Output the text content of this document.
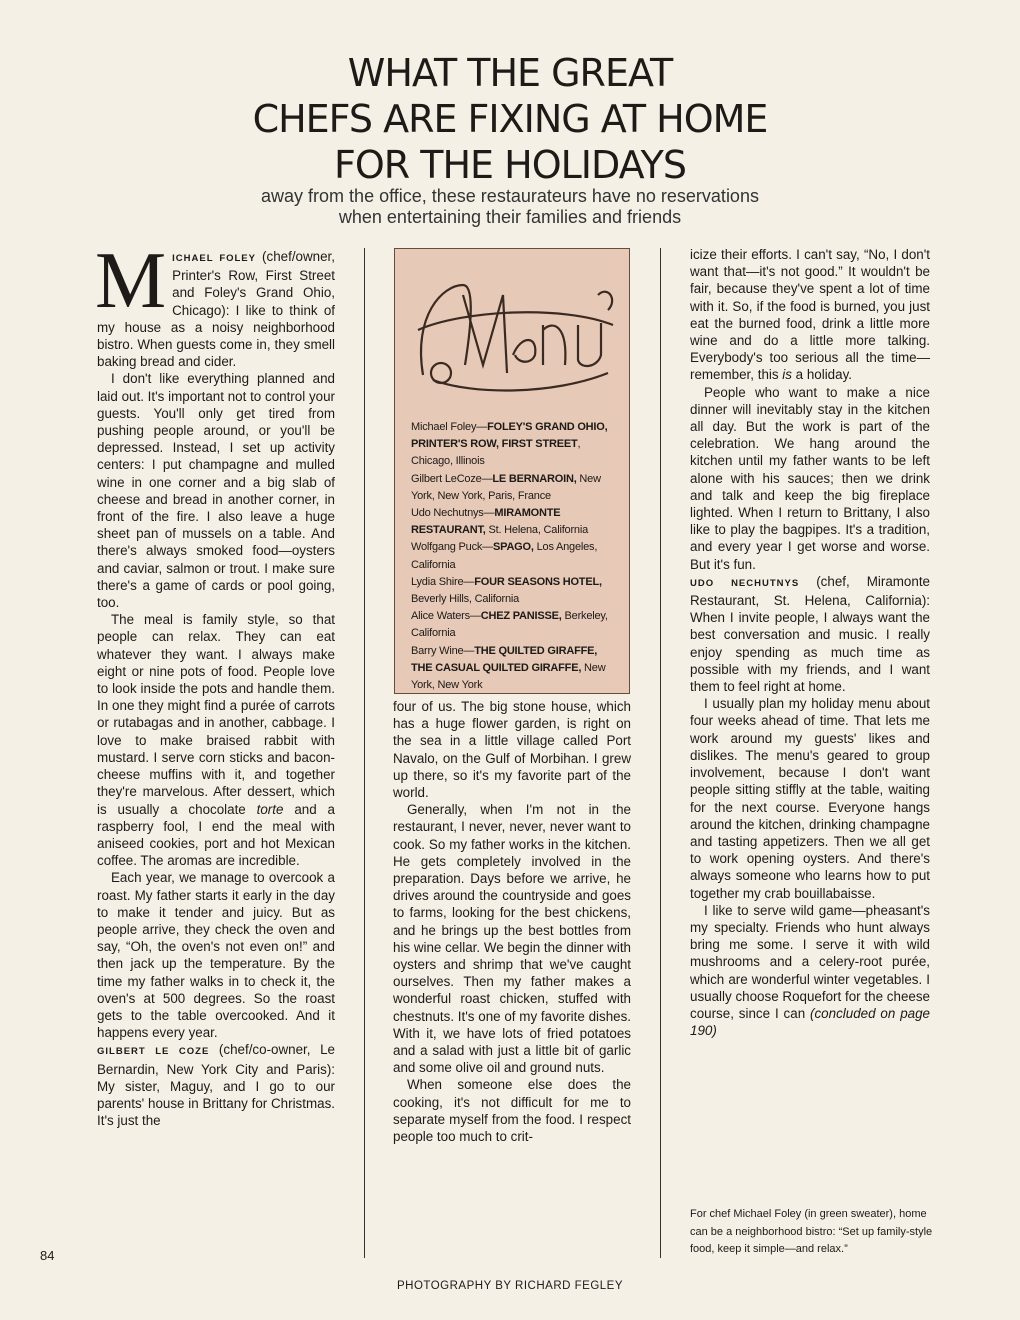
WHAT THE GREAT
CHEFS ARE FIXING AT HOME
FOR THE HOLIDAYS
away from the office, these restaurateurs have no reservations
when entertaining their families and friends

MICHAEL FOLEY (chef/owner, Printer's Row, First Street and Foley's Grand Ohio, Chicago): I like to think of my house as a noisy neighborhood bistro. When guests come in, they smell baking bread and cider.

I don't like everything planned and laid out. It's important not to control your guests. You'll only get tired from pushing people around, or you'll be depressed. Instead, I set up activity centers: I put champagne and mulled wine in one corner and a big slab of cheese and bread in another corner, in front of the fire. I also leave a huge sheet pan of mussels on a table. And there's always smoked food—oysters and caviar, salmon or trout. I make sure there's a game of cards or pool going, too.

The meal is family style, so that people can relax. They can eat whatever they want. I always make eight or nine pots of food. People love to look inside the pots and handle them. In one they might find a purée of carrots or rutabagas and in another, cabbage. I love to make braised rabbit with mustard. I serve corn sticks and bacon-cheese muffins with it, and together they're marvelous. After dessert, which is usually a chocolate torte and a raspberry fool, I end the meal with aniseed cookies, port and hot Mexican coffee. The aromas are incredible.

Each year, we manage to overcook a roast. My father starts it early in the day to make it tender and juicy. But as people arrive, they check the oven and say, “Oh, the oven's not even on!” and then jack up the temperature. By the time my father walks in to check it, the oven's at 500 degrees. So the roast gets to the table overcooked. And it happens every year.

GILBERT LE COZE (chef/co-owner, Le Bernardin, New York City and Paris): My sister, Maguy, and I go to our parents' house in Brittany for Christmas. It's just the

Menu
Michael Foley—FOLEY'S GRAND OHIO, PRINTER'S ROW, FIRST STREET, Chicago, Illinois
Gilbert LeCoze—LE BERNAROIN, New York, New York, Paris, France
Udo Nechutnys—MIRAMONTE RESTAURANT, St. Helena, California
Wolfgang Puck—SPAGO, Los Angeles, California
Lydia Shire—FOUR SEASONS HOTEL, Beverly Hills, California
Alice Waters—CHEZ PANISSE, Berkeley, California
Barry Wine—THE QUILTED GIRAFFE, THE CASUAL QUILTED GIRAFFE, New York, New York

four of us. The big stone house, which has a huge flower garden, is right on the sea in a little village called Port Navalo, on the Gulf of Morbihan. I grew up there, so it's my favorite part of the world.

Generally, when I'm not in the restaurant, I never, never, never want to cook. So my father works in the kitchen. He gets completely involved in the preparation. Days before we arrive, he drives around the countryside and goes to farms, looking for the best chickens, and he brings up the best bottles from his wine cellar. We begin the dinner with oysters and shrimp that we've caught ourselves. Then my father makes a wonderful roast chicken, stuffed with chestnuts. It's one of my favorite dishes. With it, we have lots of fried potatoes and a salad with just a little bit of garlic and some olive oil and ground nuts.

When someone else does the cooking, it's not difficult for me to separate myself from the food. I respect people too much to crit-

icize their efforts. I can't say, “No, I don't want that—it's not good.” It wouldn't be fair, because they've spent a lot of time with it. So, if the food is burned, you just eat the burned food, drink a little more wine and do a little more talking. Everybody's too serious all the time—remember, this is a holiday.

People who want to make a nice dinner will inevitably stay in the kitchen all day. But the work is part of the celebration. We hang around the kitchen until my father wants to be left alone with his sauces; then we drink and talk and keep the big fireplace lighted. When I return to Brittany, I also like to play the bagpipes. It's a tradition, and every year I get worse and worse. But it's fun.

UDO NECHUTNYS (chef, Miramonte Restaurant, St. Helena, California): When I invite people, I always want the best conversation and music. I really enjoy spending as much time as possible with my friends, and I want them to feel right at home.

I usually plan my holiday menu about four weeks ahead of time. That lets me work around my guests' likes and dislikes. The menu's geared to group involvement, because I don't want people sitting stiffly at the table, waiting for the next course. Everyone hangs around the kitchen, drinking champagne and tasting appetizers. Then we all get to work opening oysters. And there's always someone who learns how to put together my crab bouillabaisse.

I like to serve wild game—pheasant's my specialty. Friends who hunt always bring me some. I serve it with wild mushrooms and a celery-root purée, which are wonderful winter vegetables. I usually choose Roquefort for the cheese course, since I can (concluded on page 190)

For chef Michael Foley (in green sweater), home can be a neighborhood bistro: “Set up family-style food, keep it simple—and relax.”
84
PHOTOGRAPHY BY RICHARD FEGLEY
